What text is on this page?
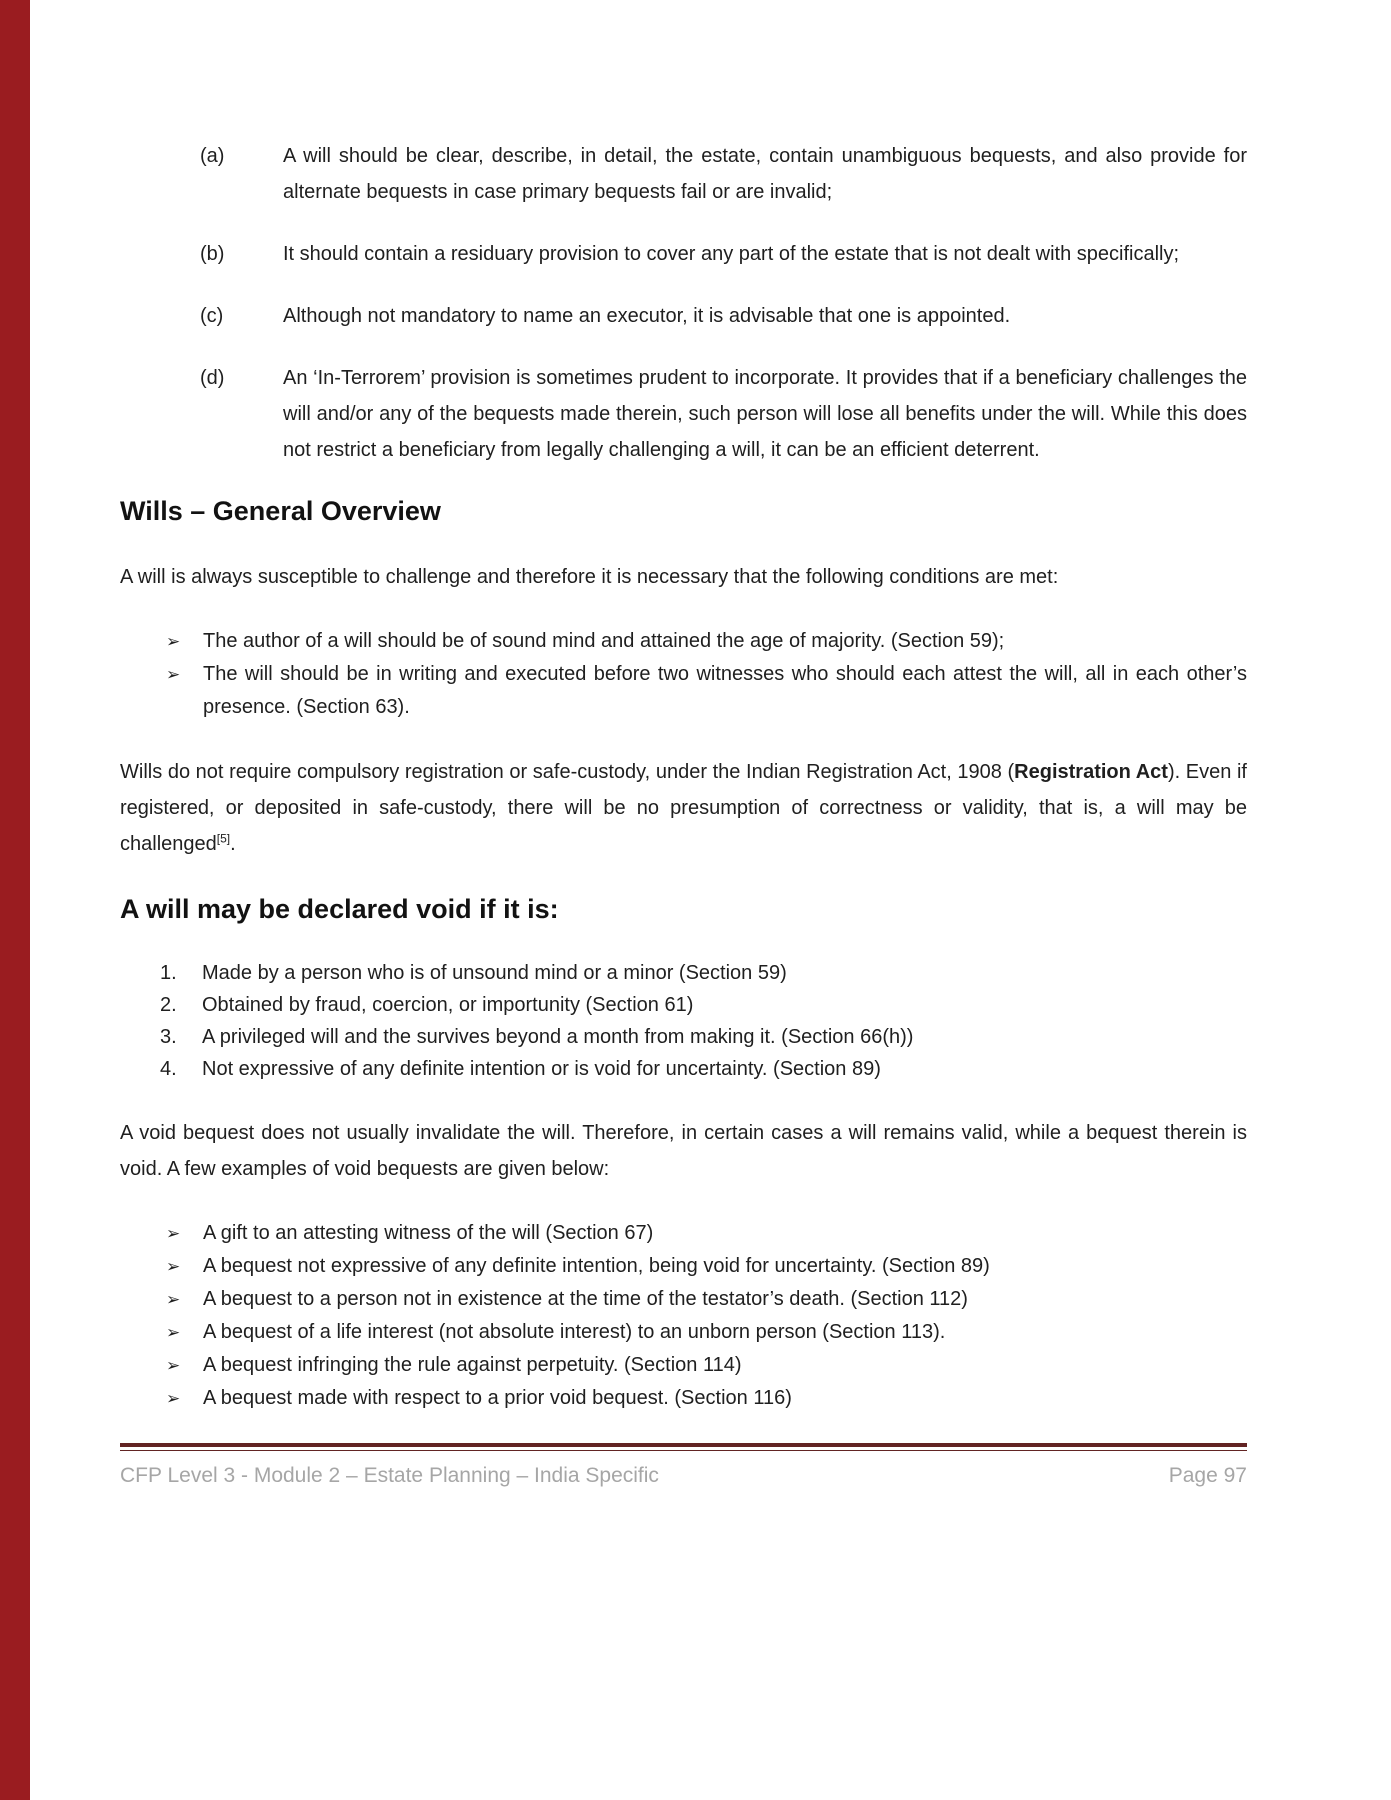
(a)	A will should be clear, describe, in detail, the estate, contain unambiguous bequests, and also provide for alternate bequests in case primary bequests fail or are invalid;
(b)	It should contain a residuary provision to cover any part of the estate that is not dealt with specifically;
(c)	Although not mandatory to name an executor, it is advisable that one is appointed.
(d)	An ‘In-Terrorem’ provision is sometimes prudent to incorporate. It provides that if a beneficiary challenges the will and/or any of the bequests made therein, such person will lose all benefits under the will. While this does not restrict a beneficiary from legally challenging a will, it can be an efficient deterrent.
Wills – General Overview

A will is always susceptible to challenge and therefore it is necessary that the following conditions are met:

➢	The author of a will should be of sound mind and attained the age of majority. (Section 59);
➢	The will should be in writing and executed before two witnesses who should each attest the will, all in each other’s presence. (Section 63).

Wills do not require compulsory registration or safe-custody, under the Indian Registration Act, 1908 (Registration Act). Even if registered, or deposited in safe-custody, there will be no presumption of correctness or validity, that is, a will may be challenged[5].

A will may be declared void if it is:
1.	Made by a person who is of unsound mind or a minor (Section 59)
2.	Obtained by fraud, coercion, or importunity (Section 61)
3.	A privileged will and the survives beyond a month from making it. (Section 66(h))
4.	Not expressive of any definite intention or is void for uncertainty. (Section 89)

A void bequest does not usually invalidate the will. Therefore, in certain cases a will remains valid, while a bequest therein is void. A few examples of void bequests are given below:

➢	A gift to an attesting witness of the will (Section 67)
➢	A bequest not expressive of any definite intention, being void for uncertainty. (Section 89)
➢	A bequest to a person not in existence at the time of the testator’s death. (Section 112)
➢	A bequest of a life interest (not absolute interest) to an unborn person (Section 113).
➢	A bequest infringing the rule against perpetuity. (Section 114)
➢	A bequest made with respect to a prior void bequest. (Section 116)
CFP Level 3 - Module 2 – Estate Planning – India Specific	Page 97
